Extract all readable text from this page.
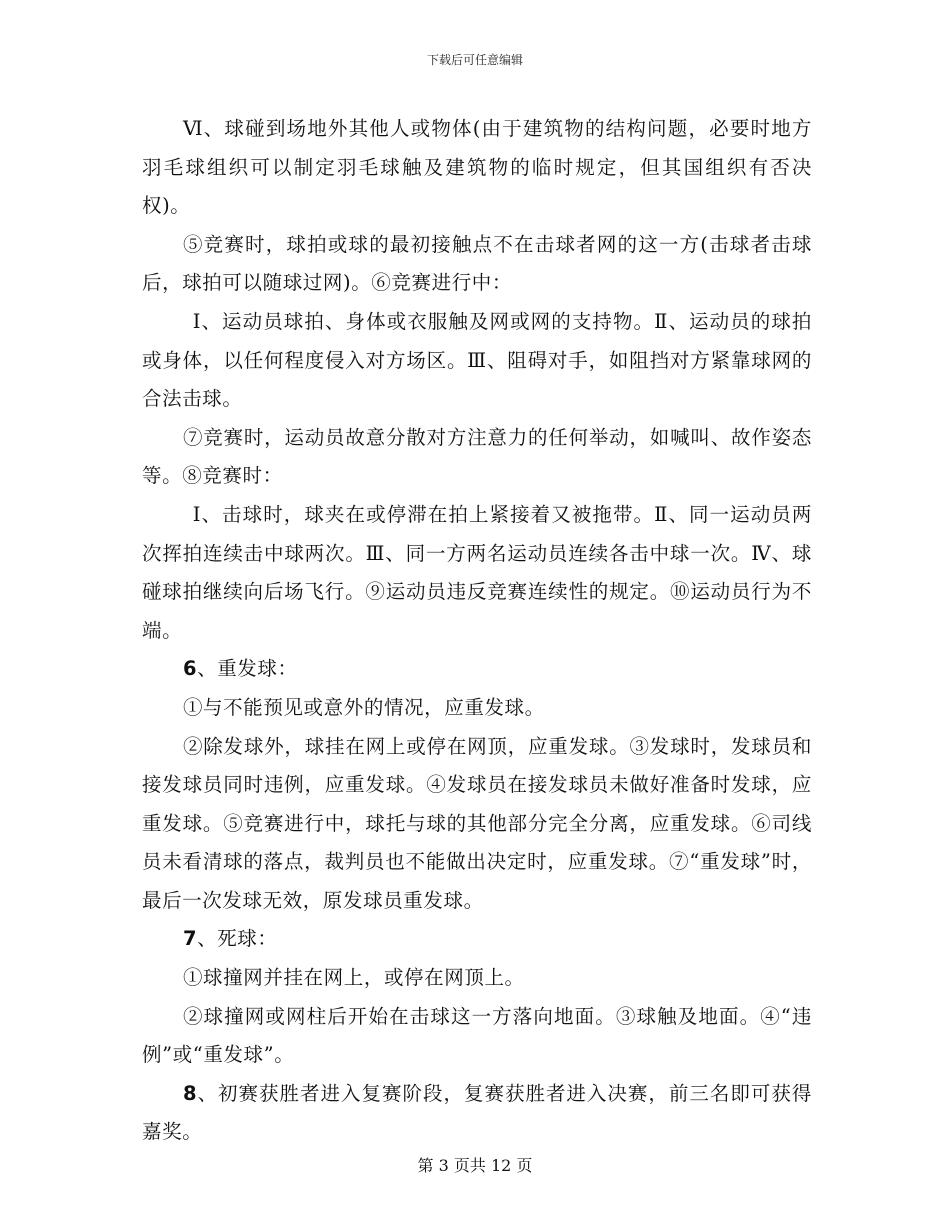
下载后可任意编辑

Ⅵ、球碰到场地外其他人或物体(由于建筑物的结构问题，必要时地方羽毛球组织可以制定羽毛球触及建筑物的临时规定，但其国组织有否决权)。

⑤竞赛时，球拍或球的最初接触点不在击球者网的这一方(击球者击球后，球拍可以随球过网)。⑥竞赛进行中：

Ⅰ、运动员球拍、身体或衣服触及网或网的支持物。Ⅱ、运动员的球拍或身体，以任何程度侵入对方场区。Ⅲ、阻碍对手，如阻挡对方紧靠球网的合法击球。

⑦竞赛时，运动员故意分散对方注意力的任何举动，如喊叫、故作姿态等。⑧竞赛时：

Ⅰ、击球时，球夹在或停滞在拍上紧接着又被拖带。Ⅱ、同一运动员两次挥拍连续击中球两次。Ⅲ、同一方两名运动员连续各击中球一次。Ⅳ、球碰球拍继续向后场飞行。⑨运动员违反竞赛连续性的规定。⑩运动员行为不端。

6、重发球：

①与不能预见或意外的情况，应重发球。

②除发球外，球挂在网上或停在网顶，应重发球。③发球时，发球员和接发球员同时违例，应重发球。④发球员在接发球员未做好准备时发球，应重发球。⑤竞赛进行中，球托与球的其他部分完全分离，应重发球。⑥司线员未看清球的落点，裁判员也不能做出决定时，应重发球。⑦“重发球”时，最后一次发球无效，原发球员重发球。

7、死球：

①球撞网并挂在网上，或停在网顶上。

②球撞网或网柱后开始在击球这一方落向地面。③球触及地面。④“违例”或“重发球”。

8、初赛获胜者进入复赛阶段，复赛获胜者进入决赛，前三名即可获得嘉奖。

第 3 页共 12 页
